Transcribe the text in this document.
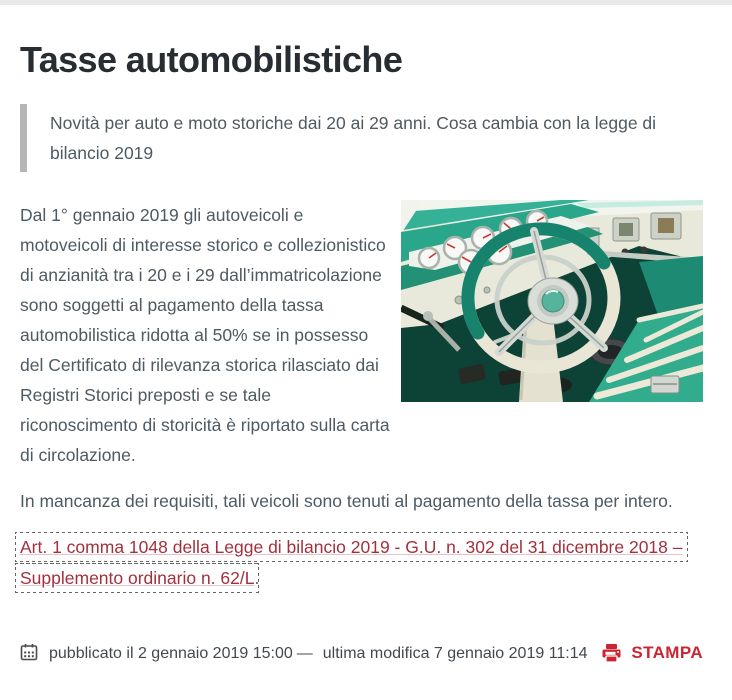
Tasse automobilistiche

Novità per auto e moto storiche dai 20 ai 29 anni. Cosa cambia con la legge di bilancio 2019

Dal 1° gennaio 2019 gli autoveicoli e motoveicoli di interesse storico e collezionistico di anzianità tra i 20 e i 29 dall’immatricolazione sono soggetti al pagamento della tassa automobilistica ridotta al 50% se in possesso del Certificato di rilevanza storica rilasciato dai Registri Storici preposti e se tale riconoscimento di storicità è riportato sulla carta di circolazione.

In mancanza dei requisiti, tali veicoli sono tenuti al pagamento della tassa per intero.

Art. 1 comma 1048 della Legge di bilancio 2019 - G.U. n. 302 del 31 dicembre 2018 – Supplemento ordinario n. 62/L.

pubblicato il 2 gennaio 2019 15:00 — ultima modifica 7 gennaio 2019 11:14	STAMPA
